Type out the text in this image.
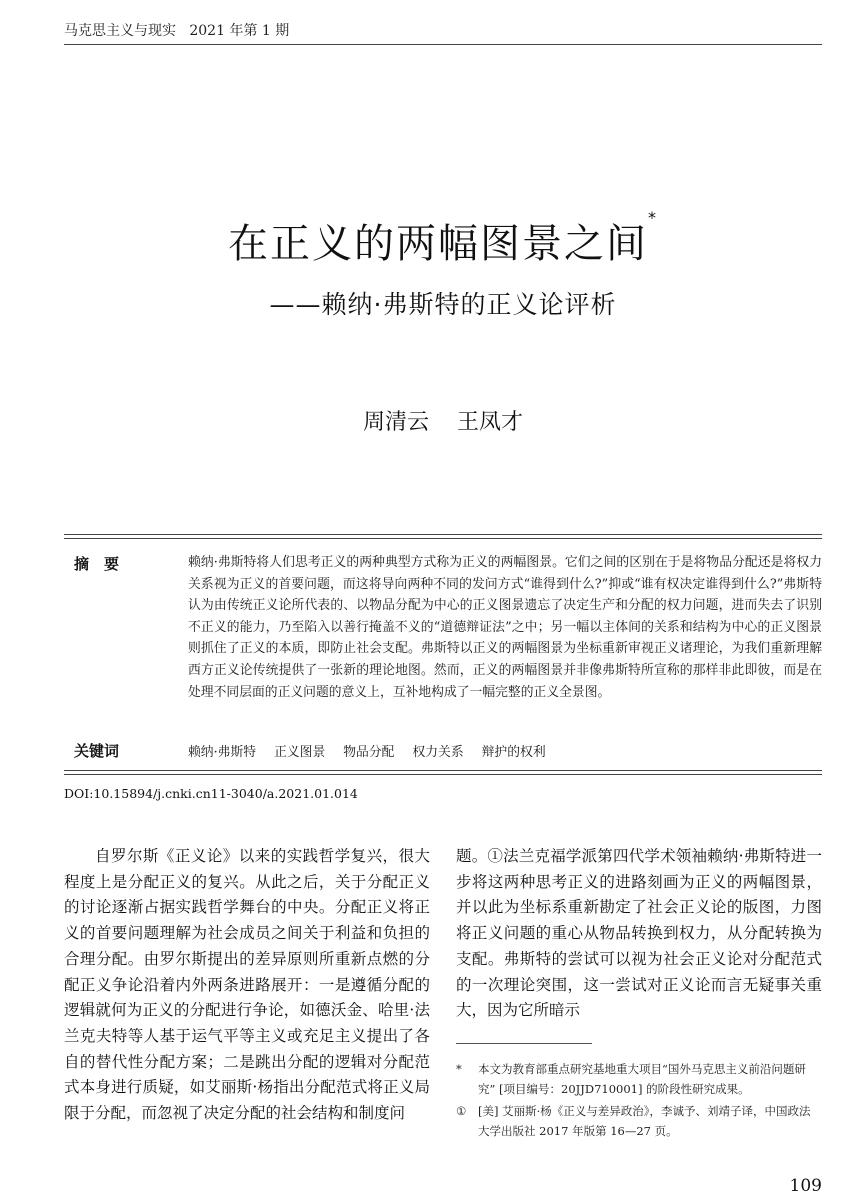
马克思主义与现实 2021 年第 1 期
在正义的两幅图景之间*
——赖纳·弗斯特的正义论评析
周清云 王凤才
摘　要	赖纳·弗斯特将人们思考正义的两种典型方式称为正义的两幅图景。它们之间的区别在于是将物品分配还是将权力关系视为正义的首要问题，而这将导向两种不同的发问方式“谁得到什么?”抑或“谁有权决定谁得到什么?”弗斯特认为由传统正义论所代表的、以物品分配为中心的正义图景遗忘了决定生产和分配的权力问题，进而失去了识别不正义的能力，乃至陷入以善行掩盖不义的“道德辩证法”之中；另一幅以主体间的关系和结构为中心的正义图景则抓住了正义的本质，即防止社会支配。弗斯特以正义的两幅图景为坐标重新审视正义诸理论，为我们重新理解西方正义论传统提供了一张新的理论地图。然而，正义的两幅图景并非像弗斯特所宣称的那样非此即彼，而是在处理不同层面的正义问题的意义上，互补地构成了一幅完整的正义全景图。
关键词	赖纳·弗斯特 正义图景 物品分配 权力关系 辩护的权利
DOI:10.15894/j.cnki.cn11-3040/a.2021.01.014

自罗尔斯《正义论》以来的实践哲学复兴，很大程度上是分配正义的复兴。从此之后，关于分配正义的讨论逐渐占据实践哲学舞台的中央。分配正义将正义的首要问题理解为社会成员之间关于利益和负担的合理分配。由罗尔斯提出的差异原则所重新点燃的分配正义争论沿着内外两条进路展开：一是遵循分配的逻辑就何为正义的分配进行争论，如德沃金、哈里·法兰克夫特等人基于运气平等主义或充足主义提出了各自的替代性分配方案；二是跳出分配的逻辑对分配范式本身进行质疑，如艾丽斯·杨指出分配范式将正义局限于分配，而忽视了决定分配的社会结构和制度问

题。①法兰克福学派第四代学术领袖赖纳·弗斯特进一步将这两种思考正义的进路刻画为正义的两幅图景，并以此为坐标系重新勘定了社会正义论的版图，力图将正义问题的重心从物品转换到权力，从分配转换为支配。弗斯特的尝试可以视为社会正义论对分配范式的一次理论突围，这一尝试对正义论而言无疑事关重大，因为它所暗示

*	本文为教育部重点研究基地重大项目“国外马克思主义前沿问题研究” [项目编号：20JJD710001] 的阶段性研究成果。
①	[美] 艾丽斯·杨《正义与差异政治》，李诚予、刘靖子译，中国政法大学出版社 2017 年版第 16—27 页。
109
